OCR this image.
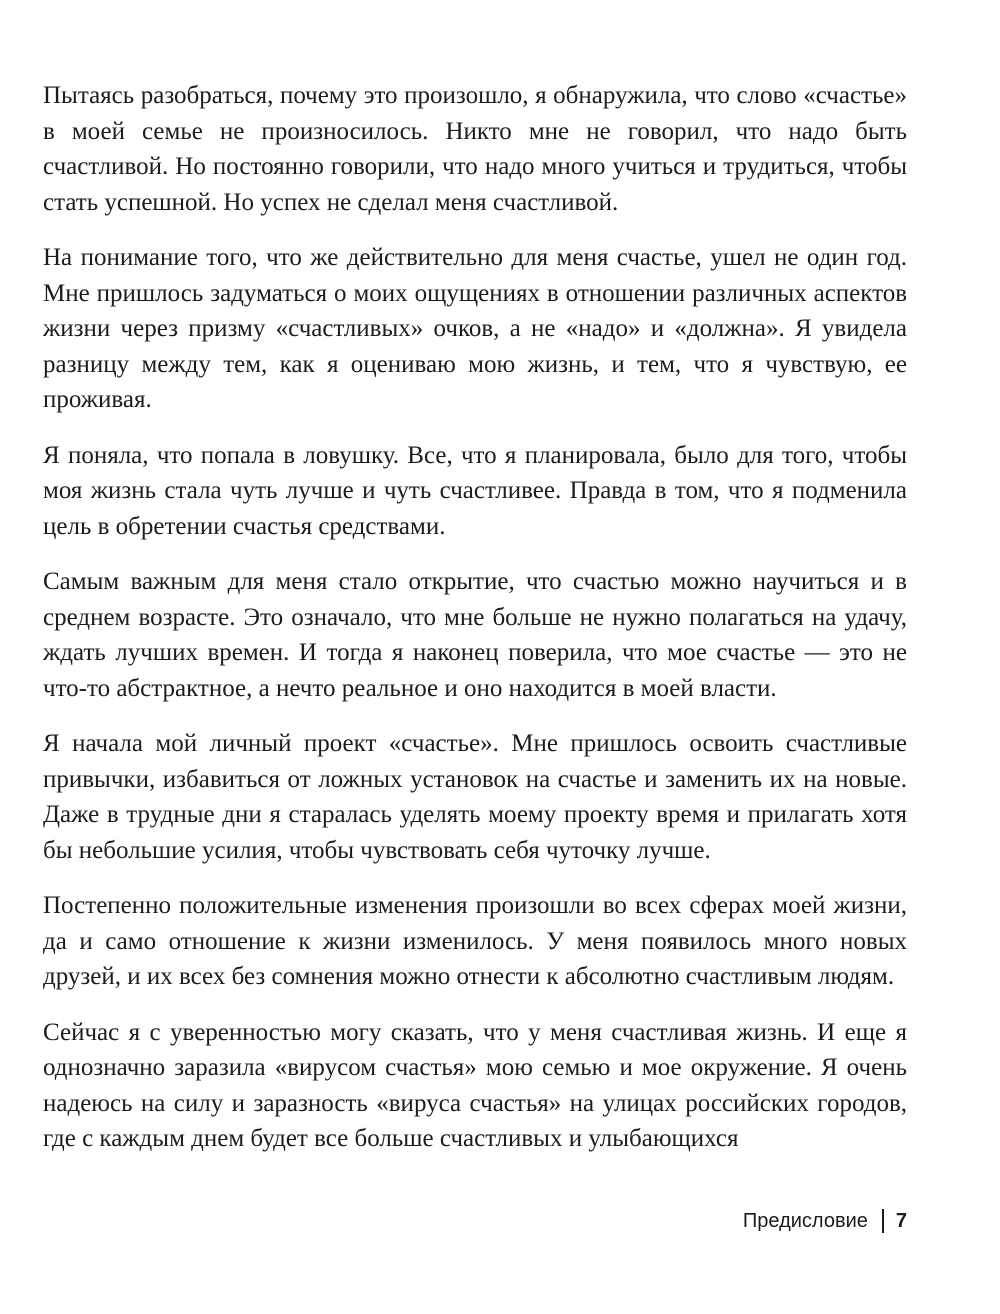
Пытаясь разобраться, почему это произошло, я обнаружила, что слово «счастье» в моей семье не произносилось. Никто мне не говорил, что надо быть счастливой. Но постоянно говорили, что надо много учиться и трудиться, чтобы стать успешной. Но успех не сделал меня счастливой.

На понимание того, что же действительно для меня счастье, ушел не один год. Мне пришлось задуматься о моих ощущениях в отношении различных аспектов жизни через призму «счастливых» очков, а не «надо» и «должна». Я увидела разницу между тем, как я оцениваю мою жизнь, и тем, что я чувствую, ее проживая.

Я поняла, что попала в ловушку. Все, что я планировала, было для того, чтобы моя жизнь стала чуть лучше и чуть счастливее. Правда в том, что я подменила цель в обретении счастья средствами.

Самым важным для меня стало открытие, что счастью можно научиться и в среднем возрасте. Это означало, что мне больше не нужно полагаться на удачу, ждать лучших времен. И тогда я наконец поверила, что мое счастье — это не что-то абстрактное, а нечто реальное и оно находится в моей власти.

Я начала мой личный проект «счастье». Мне пришлось освоить счастливые привычки, избавиться от ложных установок на счастье и заменить их на новые. Даже в трудные дни я старалась уделять моему проекту время и прилагать хотя бы небольшие усилия, чтобы чувствовать себя чуточку лучше.

Постепенно положительные изменения произошли во всех сферах моей жизни, да и само отношение к жизни изменилось. У меня появилось много новых друзей, и их всех без сомнения можно отнести к абсолютно счастливым людям.

Сейчас я с уверенностью могу сказать, что у меня счастливая жизнь. И еще я однозначно заразила «вирусом счастья» мою семью и мое окружение. Я очень надеюсь на силу и заразность «вируса счастья» на улицах российских городов, где с каждым днем будет все больше счастливых и улыбающихся

Предисловие 7
